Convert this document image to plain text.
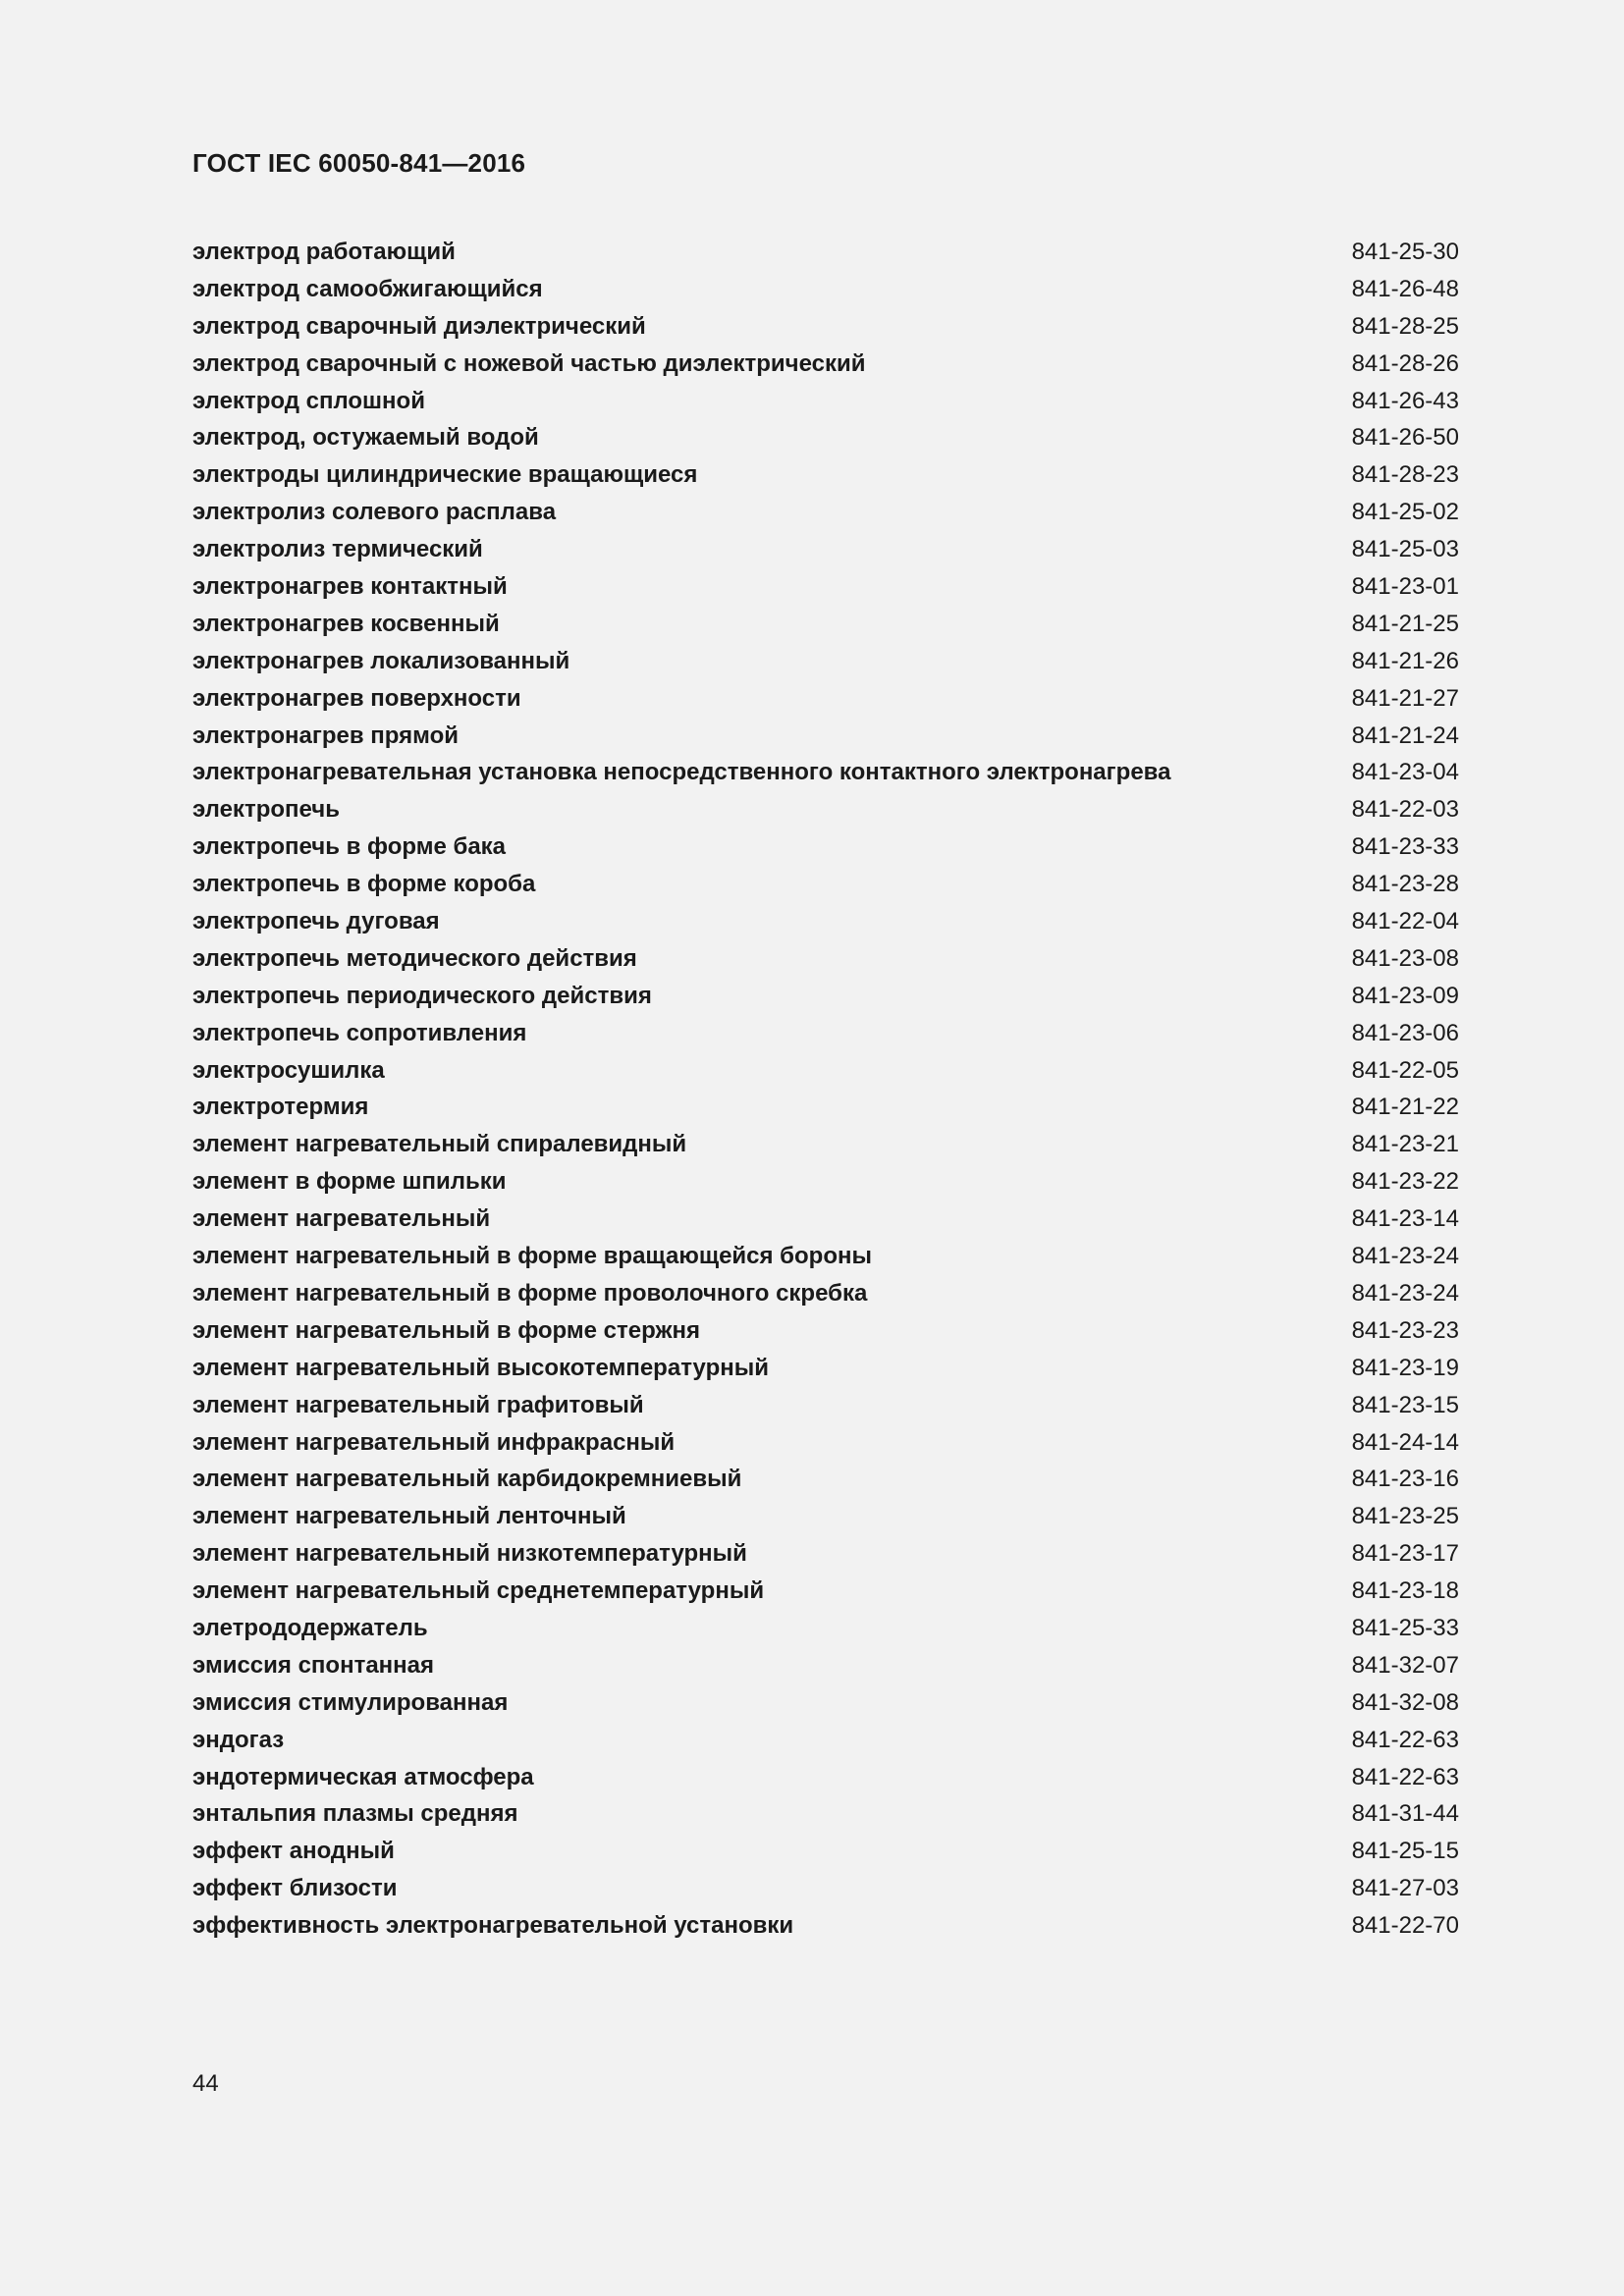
ГОСТ IEC 60050-841—2016
электрод работающий	841-25-30
электрод самообжигающийся	841-26-48
электрод сварочный диэлектрический	841-28-25
электрод сварочный с ножевой частью диэлектрический	841-28-26
электрод сплошной	841-26-43
электрод, остужаемый водой	841-26-50
электроды цилиндрические вращающиеся	841-28-23
электролиз солевого расплава	841-25-02
электролиз термический	841-25-03
электронагрев контактный	841-23-01
электронагрев косвенный	841-21-25
электронагрев локализованный	841-21-26
электронагрев поверхности	841-21-27
электронагрев прямой	841-21-24
электронагревательная установка непосредственного контактного электронагрева	841-23-04
электропечь	841-22-03
электропечь в форме бака	841-23-33
электропечь в форме короба	841-23-28
электропечь дуговая	841-22-04
электропечь методического действия	841-23-08
электропечь периодического действия	841-23-09
электропечь сопротивления	841-23-06
электросушилка	841-22-05
электротермия	841-21-22
элемент нагревательный спиралевидный	841-23-21
элемент в форме шпильки	841-23-22
элемент нагревательный	841-23-14
элемент нагревательный в форме вращающейся бороны	841-23-24
элемент нагревательный в форме проволочного скребка	841-23-24
элемент нагревательный в форме стержня	841-23-23
элемент нагревательный высокотемпературный	841-23-19
элемент нагревательный графитовый	841-23-15
элемент нагревательный инфракрасный	841-24-14
элемент нагревательный карбидокремниевый	841-23-16
элемент нагревательный ленточный	841-23-25
элемент нагревательный низкотемпературный	841-23-17
элемент нагревательный среднетемпературный	841-23-18
элетрододержатель	841-25-33
эмиссия спонтанная	841-32-07
эмиссия стимулированная	841-32-08
эндогаз	841-22-63
эндотермическая атмосфера	841-22-63
энтальпия плазмы средняя	841-31-44
эффект анодный	841-25-15
эффект близости	841-27-03
эффективность электронагревательной установки	841-22-70
44
